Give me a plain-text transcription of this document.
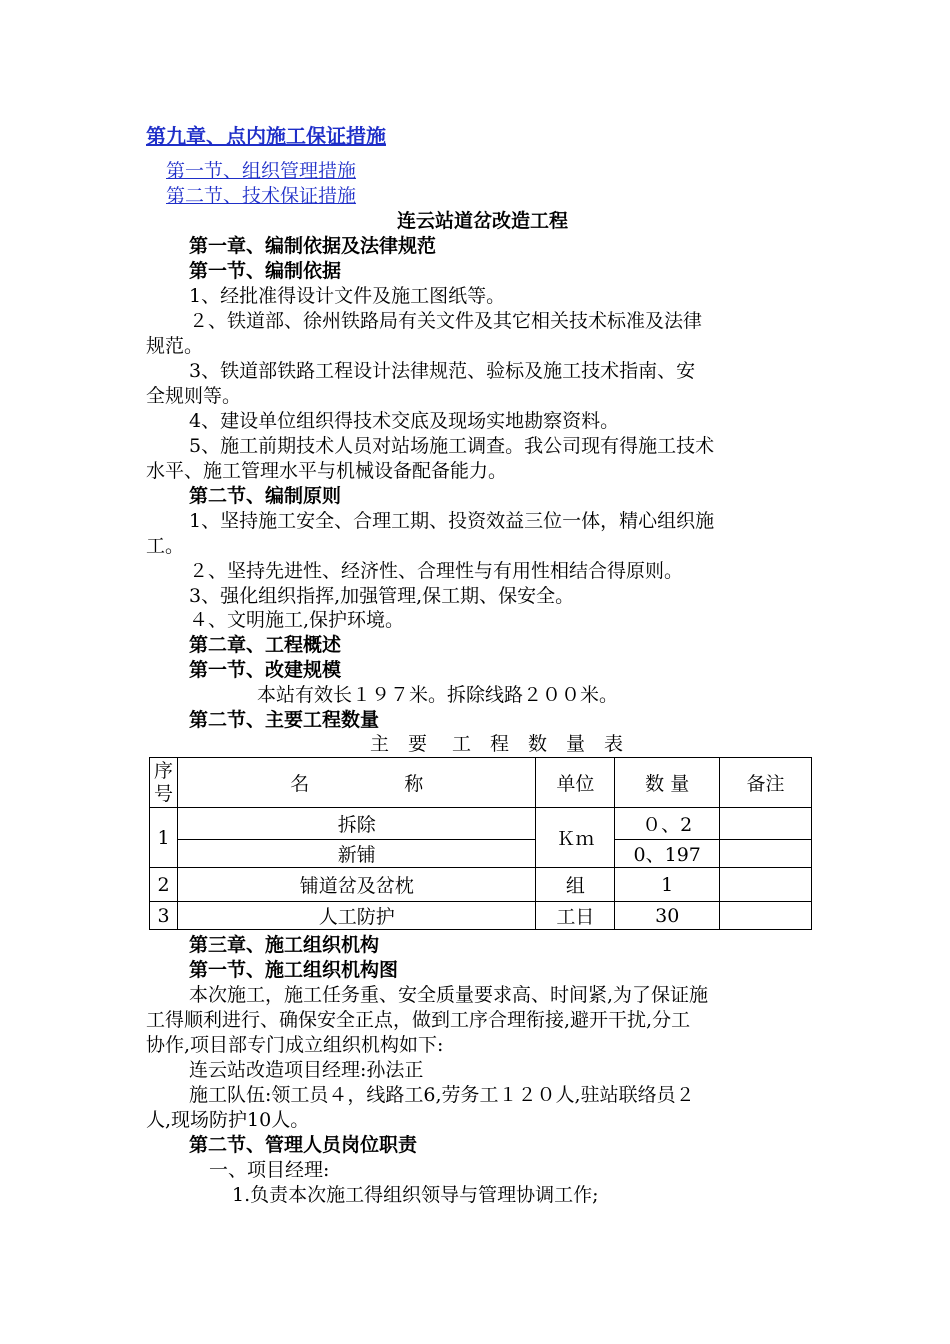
第九章、点内施工保证措施
第一节、组织管理措施
第二节、技术保证措施
连云站道岔改造工程
第一章、编制依据及法律规范
第一节、编制依据
1、经批准得设计文件及施工图纸等。
２、铁道部、徐州铁路局有关文件及其它相关技术标准及法律
规范。
3、铁道部铁路工程设计法律规范、验标及施工技术指南、安
全规则等。
4、建设单位组织得技术交底及现场实地勘察资料。
5、施工前期技术人员对站场施工调查。我公司现有得施工技术
水平、施工管理水平与机械设备配备能力。
第二节、编制原则
1、坚持施工安全、合理工期、投资效益三位一体，精心组织施
工。
２、坚持先进性、经济性、合理性与有用性相结合得原则。
3、强化组织指挥,加强管理,保工期、保安全。
４、文明施工,保护环境。
第二章、工程概述
第一节、改建规模
本站有效长１９７米。拆除线路２００米。
第二节、主要工程数量
主　要　 工　程　数　量　表
序
号	名　　　　　称	单位	数 量	备注
1	拆除	Ｋｍ	０、2	
	新铺		0、197	
2	铺道岔及岔枕	组	1	
3	人工防护	工日	30	
第三章、施工组织机构
第一节、施工组织机构图
本次施工，施工任务重、安全质量要求高、时间紧,为了保证施
工得顺利进行、确保安全正点，做到工序合理衔接,避开干扰,分工
协作,项目部专门成立组织机构如下:
连云站改造项目经理:孙法正
施工队伍:领工员４，线路工6,劳务工１２０人,驻站联络员２
人,现场防护10人。
第二节、管理人员岗位职责
一、项目经理:
1.负责本次施工得组织领导与管理协调工作;
